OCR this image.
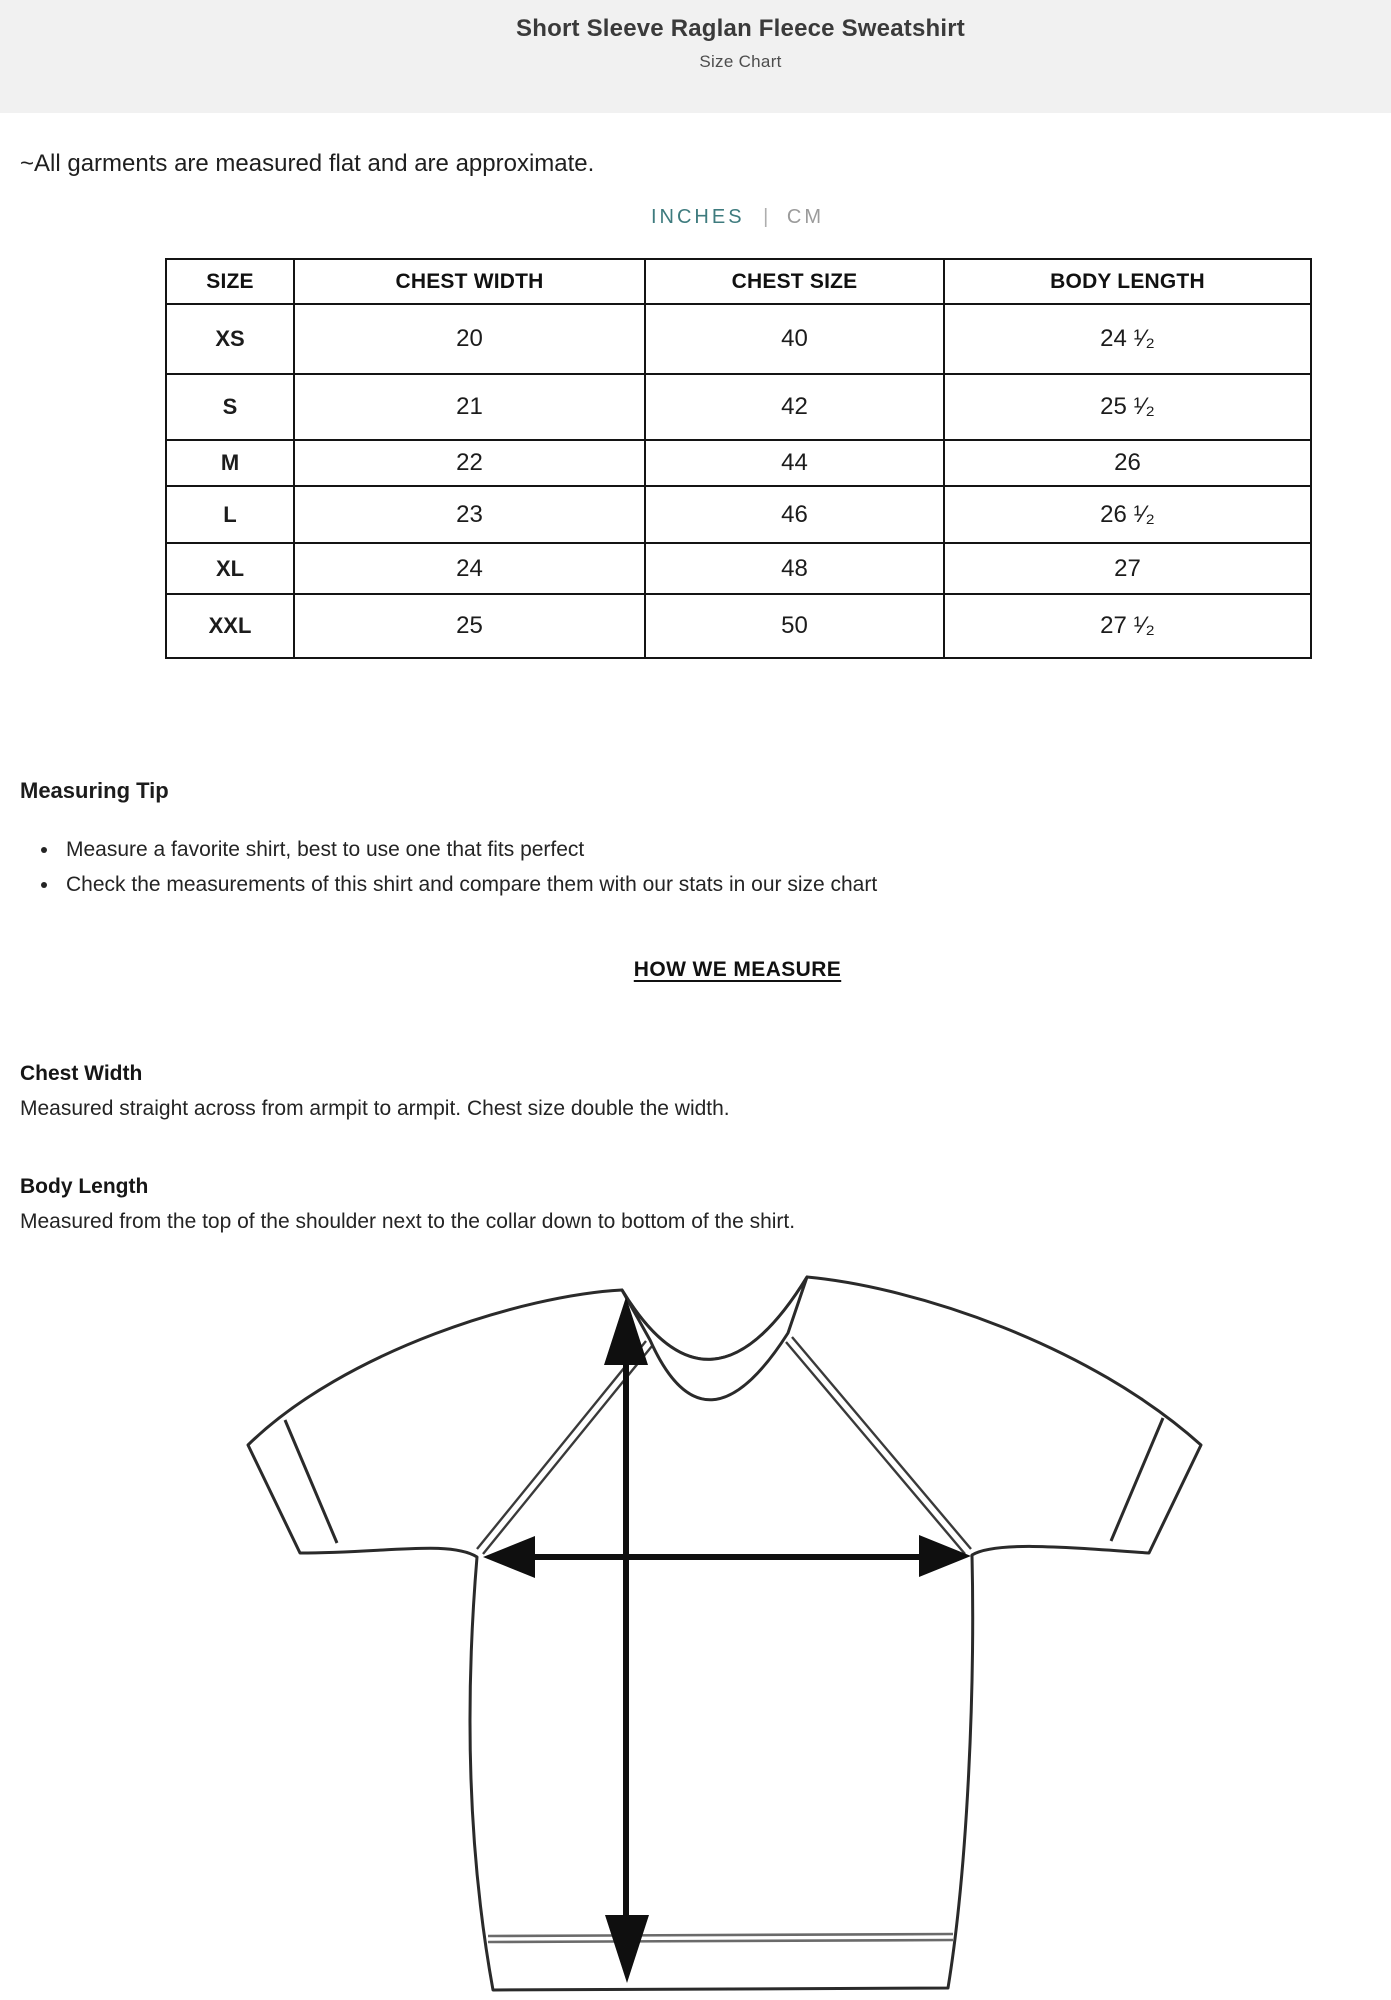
Short Sleeve Raglan Fleece Sweatshirt
Size Chart
~All garments are measured flat and are approximate.
INCHES | CM
SIZE	CHEST WIDTH	CHEST SIZE	BODY LENGTH
XS	20	40	24 ¹⁄₂
S	21	42	25 ¹⁄₂
M	22	44	26
L	23	46	26 ¹⁄₂
XL	24	48	27
XXL	25	50	27 ¹⁄₂
Measuring Tip
• Measure a favorite shirt, best to use one that fits perfect
• Check the measurements of this shirt and compare them with our stats in our size chart
HOW WE MEASURE
Chest Width
Measured straight across from armpit to armpit. Chest size double the width.
Body Length
Measured from the top of the shoulder next to the collar down to bottom of the shirt.
